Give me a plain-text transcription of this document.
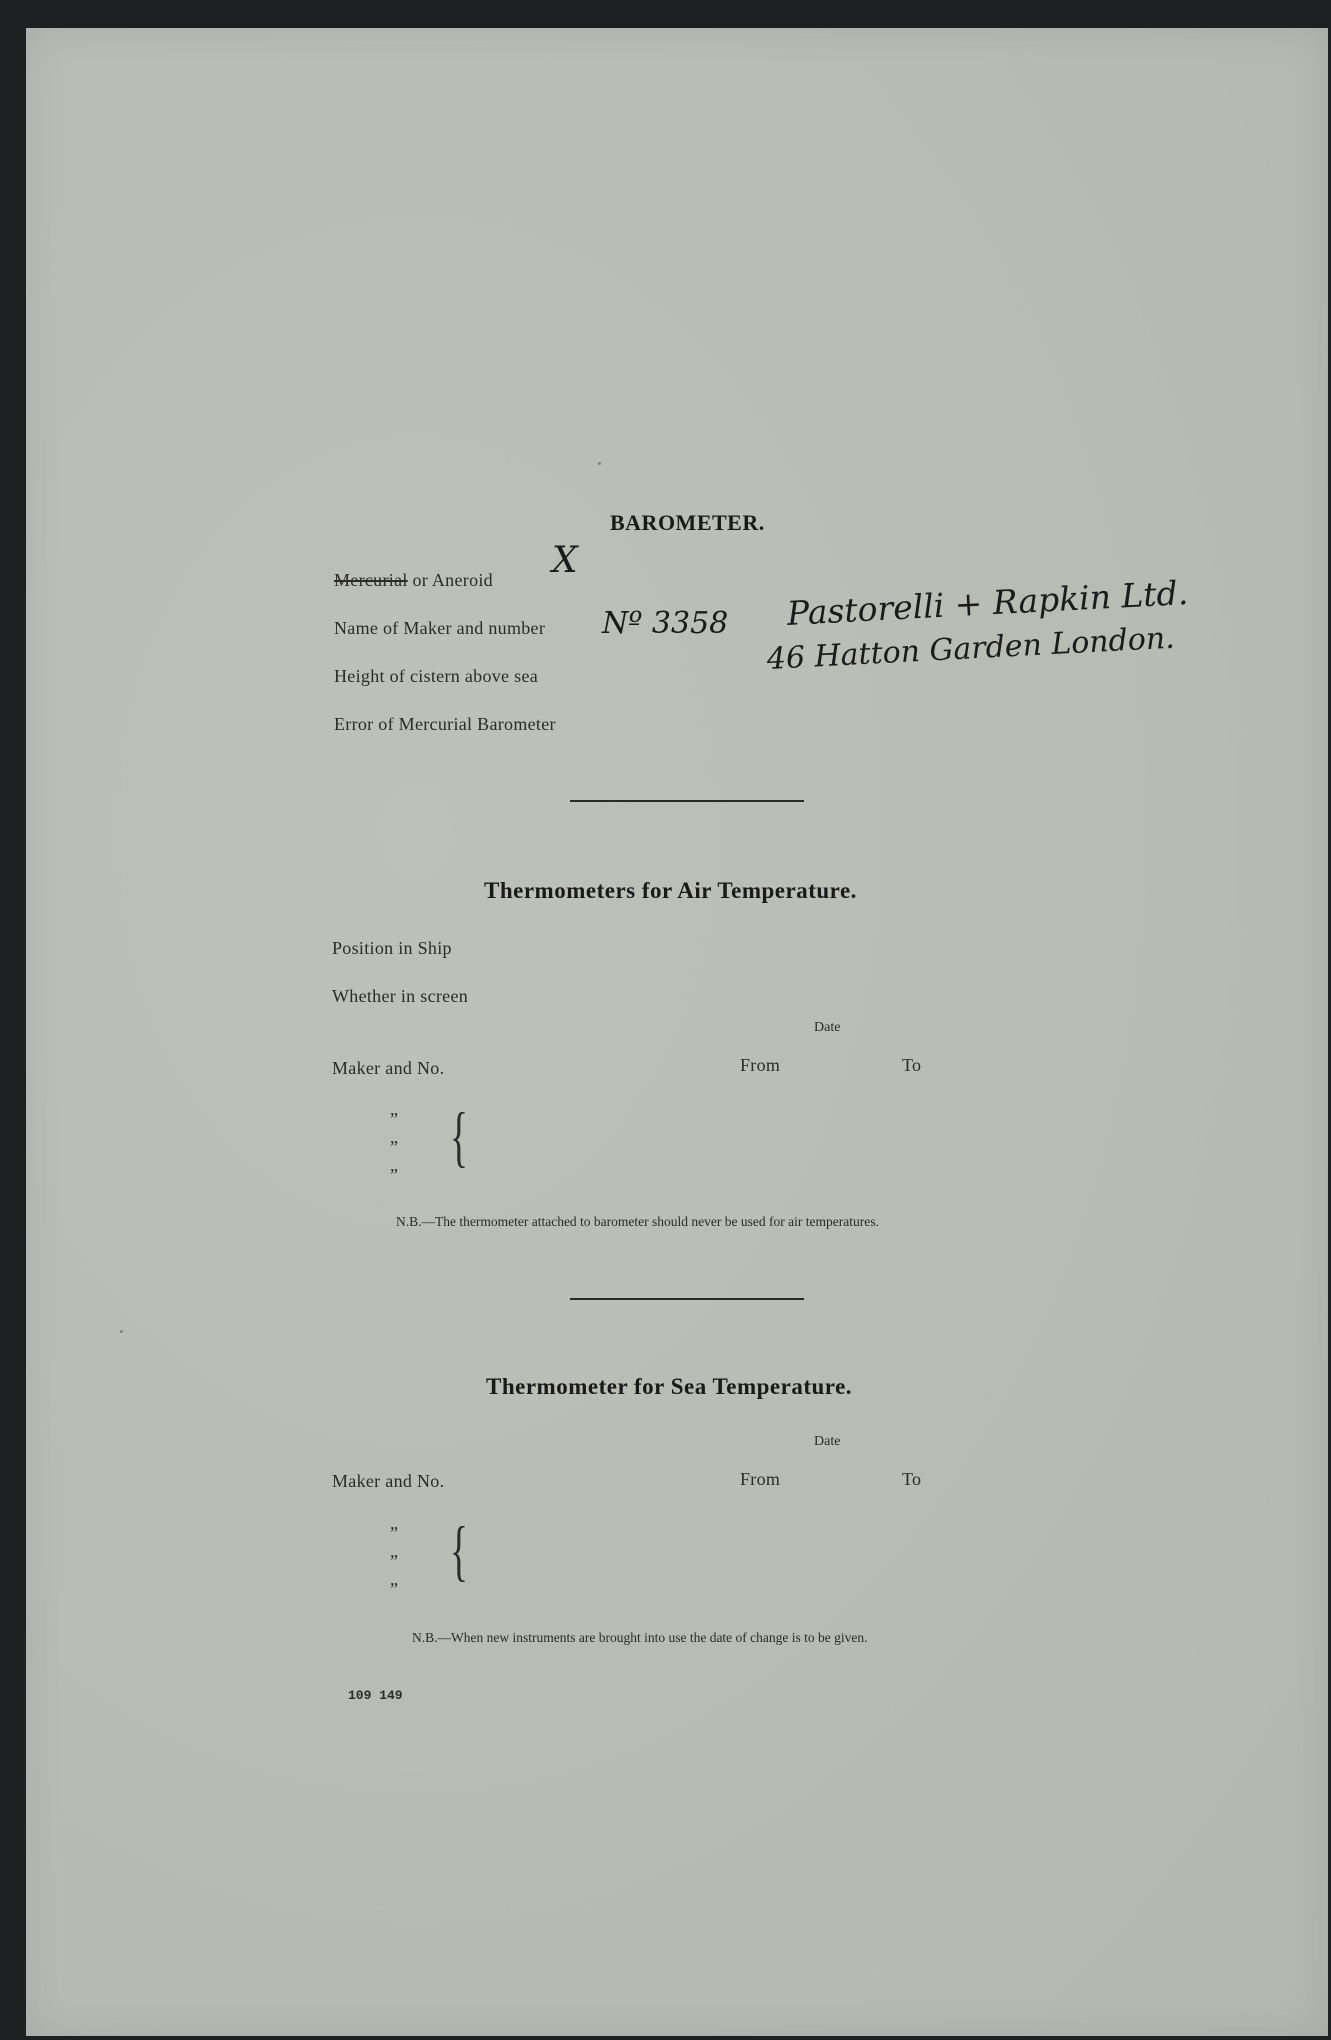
BAROMETER.
Mercurial or Aneroid X
Name of Maker and number Nº 3358 Pastorelli + Rapkin Ltd.
46 Hatton Garden London.
Height of cistern above sea
Error of Mercurial Barometer
Thermometers for Air Temperature.
Position in Ship
Whether in screen
Date
Maker and No.	From	To
”
”
”
{
N.B.—The thermometer attached to barometer should never be used for air temperatures.
Thermometer for Sea Temperature.
Date
Maker and No.	From	To
”
”
”
{
N.B.—When new instruments are brought into use the date of change is to be given.
109 149
